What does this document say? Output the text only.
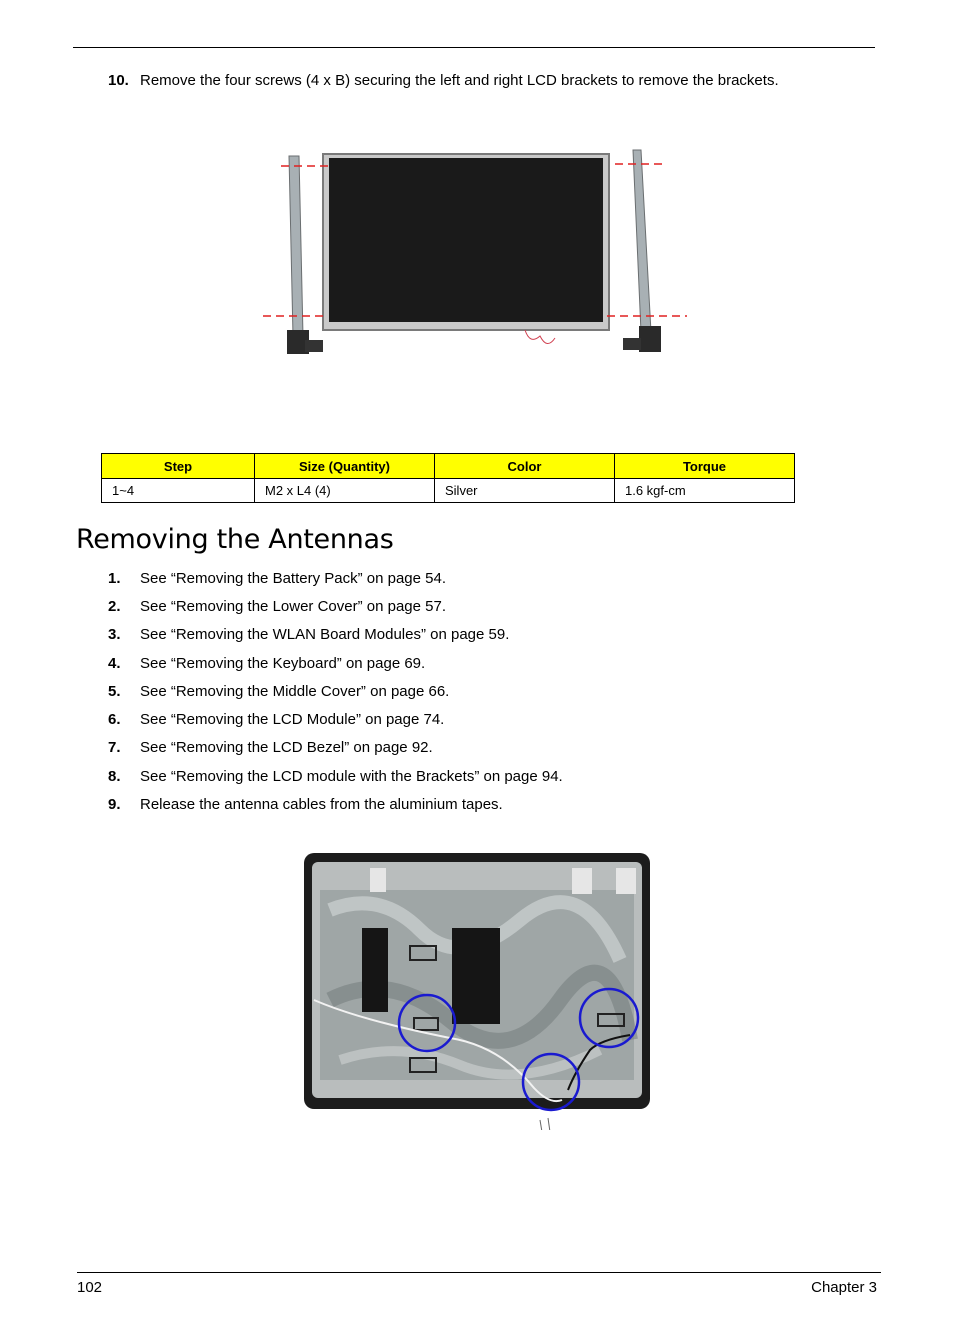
10. Remove the four screws (4 x B) securing the left and right LCD brackets to remove the brackets.
Step	Size (Quantity)	Color	Torque
1~4	M2 x L4 (4)	Silver	1.6 kgf-cm
Removing the Antennas
1. See “Removing the Battery Pack” on page 54.
2. See “Removing the Lower Cover” on page 57.
3. See “Removing the WLAN Board Modules” on page 59.
4. See “Removing the Keyboard” on page 69.
5. See “Removing the Middle Cover” on page 66.
6. See “Removing the LCD Module” on page 74.
7. See “Removing the LCD Bezel” on page 92.
8. See “Removing the LCD module with the Brackets” on page 94.
9. Release the antenna cables from the aluminium tapes.
102	Chapter 3
